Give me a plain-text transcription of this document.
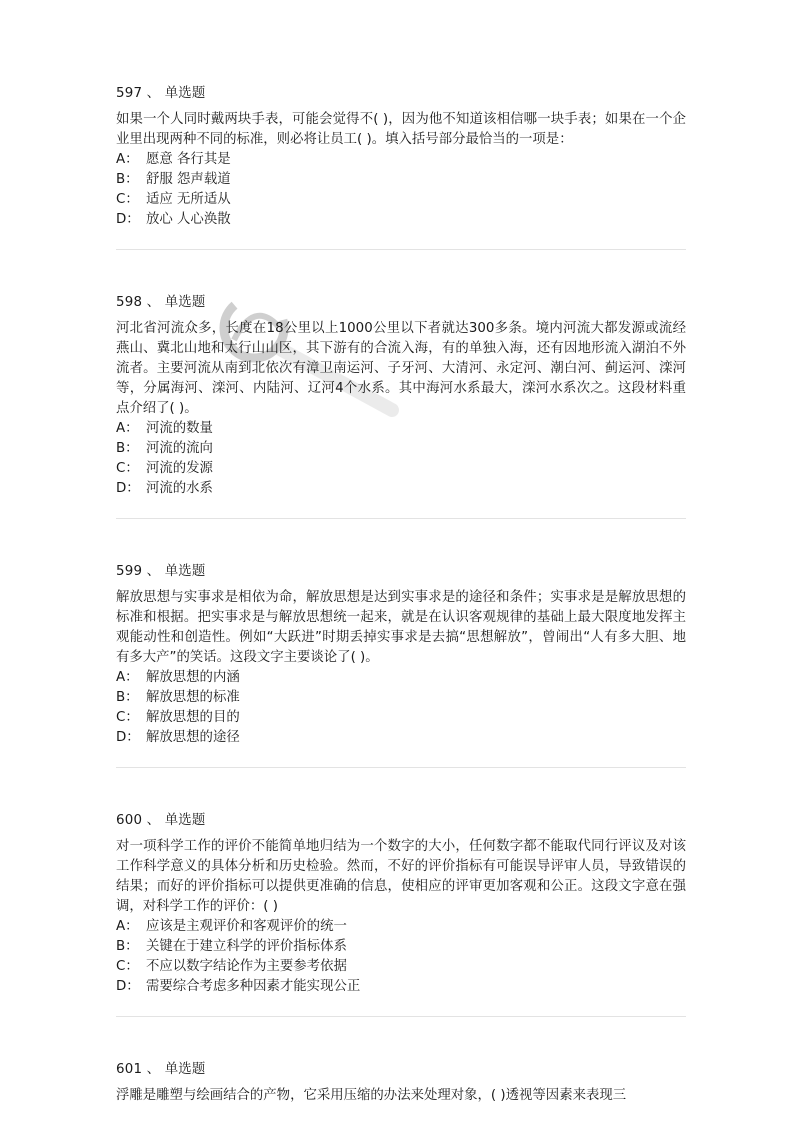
597 、 单选题

如果一个人同时戴两块手表，可能会觉得不( )，因为他不知道该相信哪一块手表；如果在一个企业里出现两种不同的标准，则必将让员工( )。填入括号部分最恰当的一项是：

A： 愿意 各行其是
B： 舒服 怨声载道
C： 适应 无所适从
D： 放心 人心涣散
598 、 单选题

河北省河流众多，长度在18公里以上1000公里以下者就达300多条。境内河流大都发源或流经燕山、冀北山地和太行山山区，其下游有的合流入海，有的单独入海，还有因地形流入湖泊不外流者。主要河流从南到北依次有漳卫南运河、子牙河、大清河、永定河、潮白河、蓟运河、滦河等，分属海河、滦河、内陆河、辽河4个水系。其中海河水系最大，滦河水系次之。这段材料重点介绍了( )。

A： 河流的数量
B： 河流的流向
C： 河流的发源
D： 河流的水系
599 、 单选题

解放思想与实事求是相依为命，解放思想是达到实事求是的途径和条件；实事求是是解放思想的标准和根据。把实事求是与解放思想统一起来，就是在认识客观规律的基础上最大限度地发挥主观能动性和创造性。例如“大跃进”时期丢掉实事求是去搞“思想解放”，曾闹出“人有多大胆、地有多大产”的笑话。这段文字主要谈论了( )。

A： 解放思想的内涵
B： 解放思想的标准
C： 解放思想的目的
D： 解放思想的途径
600 、 单选题

对一项科学工作的评价不能简单地归结为一个数字的大小，任何数字都不能取代同行评议及对该工作科学意义的具体分析和历史检验。然而，不好的评价指标有可能误导评审人员，导致错误的结果；而好的评价指标可以提供更准确的信息，使相应的评审更加客观和公正。这段文字意在强调，对科学工作的评价：( )

A： 应该是主观评价和客观评价的统一
B： 关键在于建立科学的评价指标体系
C： 不应以数字结论作为主要参考依据
D： 需要综合考虑多种因素才能实现公正
601 、 单选题

浮雕是雕塑与绘画结合的产物，它采用压缩的办法来处理对象，( )透视等因素来表现三
